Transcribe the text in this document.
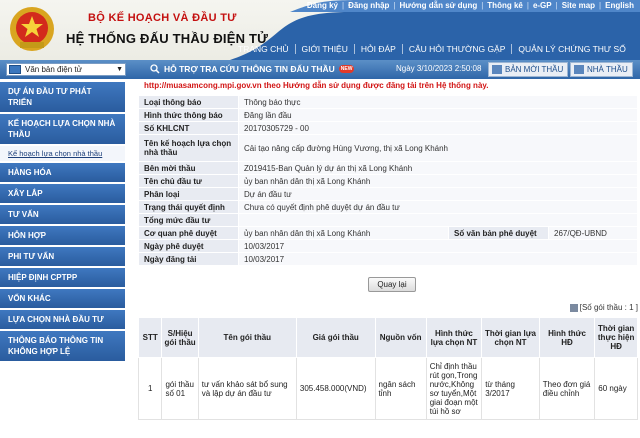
BỘ KẾ HOẠCH VÀ ĐẦU TƯ
HỆ THỐNG ĐẤU THẦU ĐIỆN TỬ
Đăng ký | Đăng nhập | Hướng dẫn sử dụng | Thông kê | e-GP | Site map | English
TRANG CHỦ	GIỚI THIỆU	HỎI ĐÁP	CÂU HỎI THƯỜNG GẶP	QUẢN LÝ CHỨNG THƯ SỐ
Văn bản điện tử	▼	HỖ TRỢ TRA CỨU THÔNG TIN ĐẤU THẦU	NEW	Ngày 3/10/2023 2:50:08	BẢN MỜI THẦU	NHÀ THẦU
DỰ ÁN ĐẦU TƯ PHÁT TRIỂN
KẾ HOẠCH LỰA CHỌN NHÀ THẦU
Kế hoạch lựa chọn nhà thầu
HÀNG HÓA
XÂY LẮP
TƯ VẤN
HỖN HỢP
PHI TƯ VẤN
HIỆP ĐỊNH CPTPP
VỐN KHÁC
LỰA CHỌN NHÀ ĐẦU TƯ
THÔNG BÁO THÔNG TIN KHÔNG HỢP LỆ
http://muasamcong.mpi.gov.vn theo Hướng dẫn sử dụng được đăng tải trên Hệ thống này.
Loại thông báo	Thông báo thực		
Hình thức thông báo	Đăng lần đầu		
Số KHLCNT	20170305729 - 00		
Tên kế hoạch lựa chọn nhà thầu	Cải tạo nâng cấp đường Hùng Vương, thị xã Long Khánh		
Bên mời thầu	Z019415-Ban Quản lý dự án thị xã Long Khánh		
Tên chủ đầu tư	ủy ban nhân dân thị xã Long Khánh		
Phân loại	Dự án đầu tư		
Trạng thái quyết định	Chưa có quyết định phê duyệt dự án đầu tư		
Tổng mức đầu tư			
Cơ quan phê duyệt	ủy ban nhân dân thị xã Long Khánh	Số văn bản phê duyệt	267/QĐ-UBND
Ngày phê duyệt	10/03/2017		
Ngày đăng tải	10/03/2017		
Quay lại
[Số gói thầu : 1 ]
STT	S/Hiệu gói thầu	Tên gói thầu	Giá gói thầu	Nguồn vốn	Hình thức lựa chọn NT	Thời gian lựa chọn NT	Hình thức HĐ	Thời gian thực hiện HĐ
1	gói thầu số 01	tư vấn khảo sát bổ sung và lập dự án đầu tư	305.458.000(VND)	ngân sách tỉnh	Chỉ định thầu rút gọn,Trong nước,Không sơ tuyển,Một giai đoạn một túi hồ sơ	từ tháng 3/2017	Theo đơn giá điều chỉnh	60 ngày
